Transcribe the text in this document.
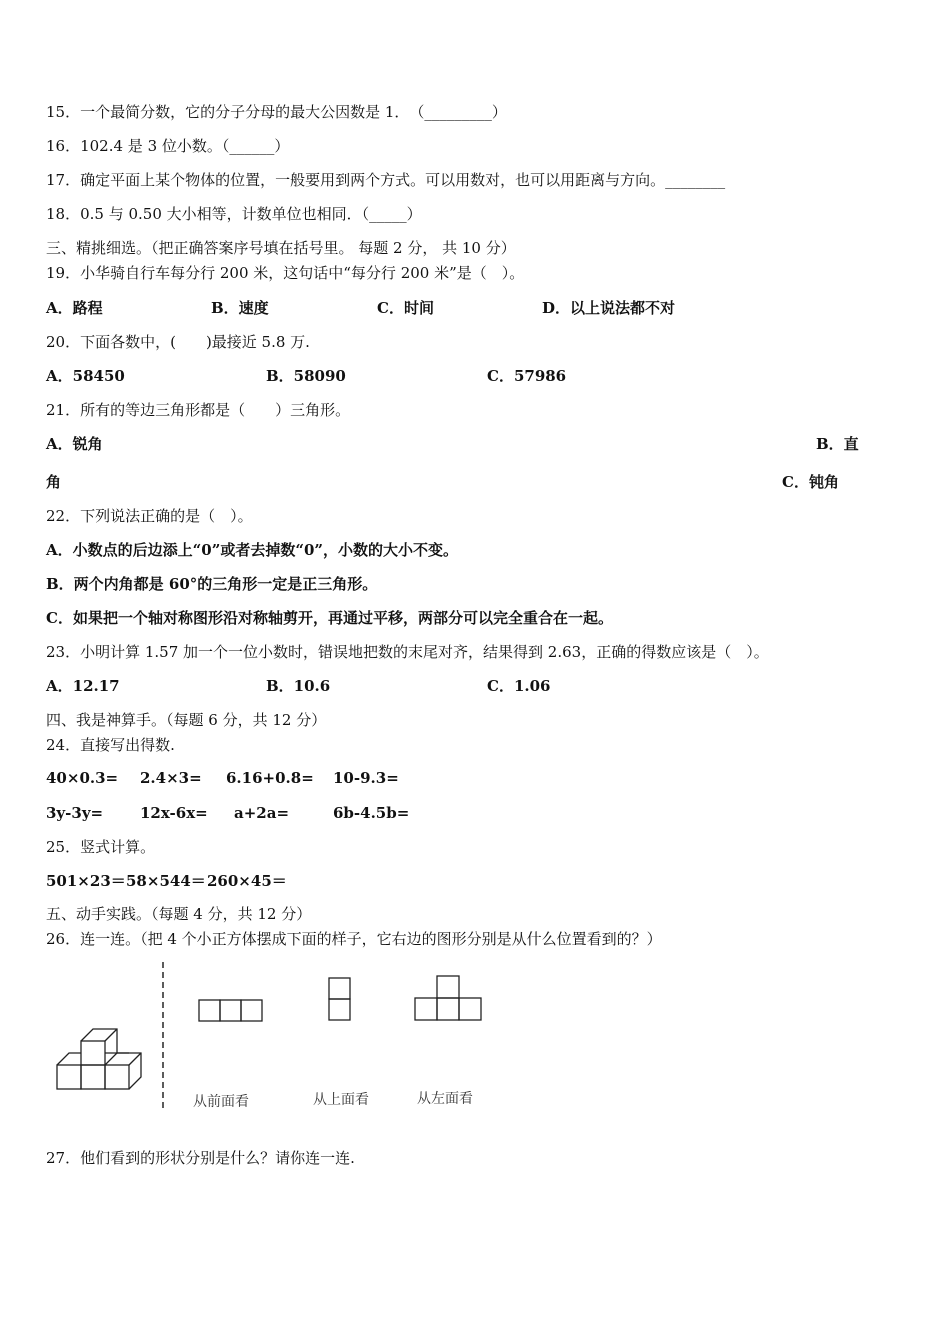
15．一个最简分数，它的分子分母的最大公因数是 1．　（_________）
16．102.4 是 3 位小数。（______）
17．确定平面上某个物体的位置，一般要用到两个方式。可以用数对，也可以用距离与方向。________
18．0.5 与 0.50 大小相等，计数单位也相同．（_____）
三、精挑细选。（把正确答案序号填在括号里。 每题 2 分， 共 10 分）
19．小华骑自行车每分行 200 米，这句话中“每分行 200 米”是（　）。
A．路程	B．速度	C．时间	D．以上说法都不对
20．下面各数中，(　　)最接近 5.8 万.
A．58450	B．58090	C．57986
21．所有的等边三角形都是（　　）三角形。
A．锐角	B．直
角	C．钝角
22．下列说法正确的是（　）。
A．小数点的后边添上“0”或者去掉数“0”，小数的大小不变。
B．两个内角都是 60°的三角形一定是正三角形。
C．如果把一个轴对称图形沿对称轴剪开，再通过平移，两部分可以完全重合在一起。
23．小明计算 1.57 加一个一位小数时，错误地把数的末尾对齐，结果得到 2.63，正确的得数应该是（　）。
A．12.17	B．10.6	C．1.06
四、我是神算手。（每题 6 分，共 12 分）
24．直接写出得数.
40×0.3= 2.4×3= 6.16+0.8= 10-9.3=
3y-3y= 12x-6x= a+2a=	6b-4.5b=
25．竖式计算。
501×23＝ 58×544＝ 260×45＝
五、动手实践。（每题 4 分，共 12 分）
26．连一连。（把 4 个小正方体摆成下面的样子，它右边的图形分别是从什么位置看到的？）
从前面看	从上面看	从左面看
27．他们看到的形状分别是什么？请你连一连.
